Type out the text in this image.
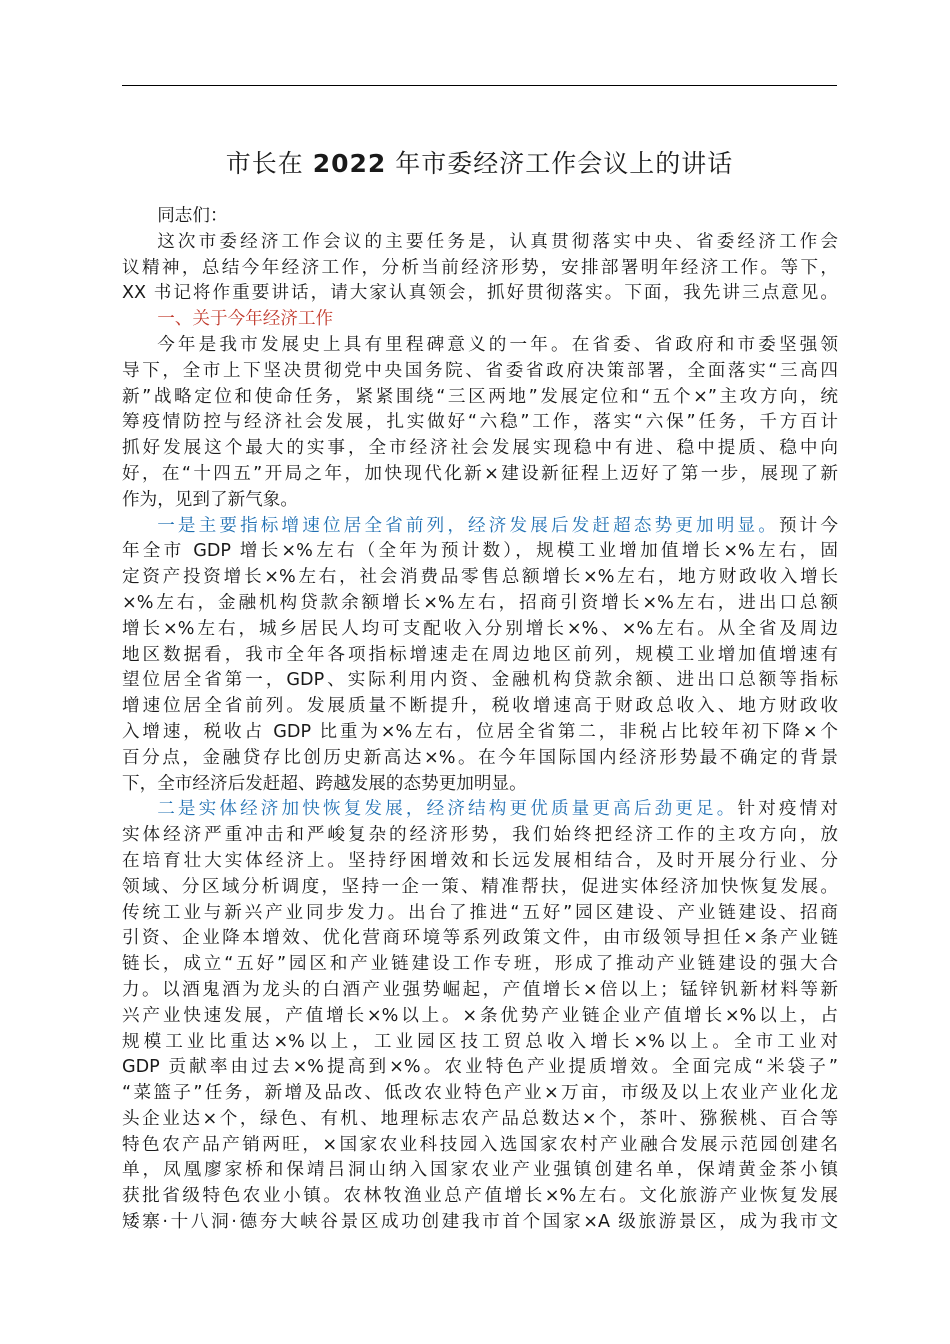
市长在 2022 年市委经济工作会议上的讲话

同志们：

这次市委经济工作会议的主要任务是，认真贯彻落实中央、省委经济工作会

议精神，总结今年经济工作，分析当前经济形势，安排部署明年经济工作。等下，
XX 书记将作重要讲话，请大家认真领会，抓好贯彻落实。下面，我先讲三点意见。

一、关于今年经济工作

今年是我市发展史上具有里程碑意义的一年。在省委、省政府和市委坚强领

导下，全市上下坚决贯彻党中央国务院、省委省政府决策部署，全面落实“三高四
新”战略定位和使命任务，紧紧围绕“三区两地”发展定位和“五个×”主攻方向，统
筹疫情防控与经济社会发展，扎实做好“六稳”工作，落实“六保”任务，千方百计
抓好发展这个最大的实事，全市经济社会发展实现稳中有进、稳中提质、稳中向
好，在“十四五”开局之年，加快现代化新×建设新征程上迈好了第一步，展现了新
作为，见到了新气象。

一是主要指标增速位居全省前列，经济发展后发赶超态势更加明显。预计今

年全市 GDP 增长×%左右（全年为预计数），规模工业增加值增长×%左右，固
定资产投资增长×%左右，社会消费品零售总额增长×%左右，地方财政收入增长
×%左右，金融机构贷款余额增长×%左右，招商引资增长×%左右，进出口总额
增长×%左右，城乡居民人均可支配收入分别增长×%、×%左右。从全省及周边
地区数据看，我市全年各项指标增速走在周边地区前列，规模工业增加值增速有
望位居全省第一，GDP、实际利用内资、金融机构贷款余额、进出口总额等指标
增速位居全省前列。发展质量不断提升，税收增速高于财政总收入、地方财政收
入增速，税收占 GDP 比重为×%左右，位居全省第二，非税占比较年初下降×个
百分点，金融贷存比创历史新高达×%。在今年国际国内经济形势最不确定的背景
下，全市经济后发赶超、跨越发展的态势更加明显。

二是实体经济加快恢复发展，经济结构更优质量更高后劲更足。针对疫情对

实体经济严重冲击和严峻复杂的经济形势，我们始终把经济工作的主攻方向，放
在培育壮大实体经济上。坚持纾困增效和长远发展相结合，及时开展分行业、分
领域、分区域分析调度，坚持一企一策、精准帮扶，促进实体经济加快恢复发展。
传统工业与新兴产业同步发力。出台了推进“五好”园区建设、产业链建设、招商
引资、企业降本增效、优化营商环境等系列政策文件，由市级领导担任×条产业链
链长，成立“五好”园区和产业链建设工作专班，形成了推动产业链建设的强大合
力。以酒鬼酒为龙头的白酒产业强势崛起，产值增长×倍以上；锰锌钒新材料等新
兴产业快速发展，产值增长×%以上。×条优势产业链企业产值增长×%以上，占
规模工业比重达×%以上，工业园区技工贸总收入增长×%以上。全市工业对
GDP 贡献率由过去×%提高到×%。农业特色产业提质增效。全面完成“米袋子”
“菜篮子”任务，新增及品改、低改农业特色产业×万亩，市级及以上农业产业化龙
头企业达×个，绿色、有机、地理标志农产品总数达×个，茶叶、猕猴桃、百合等
特色农产品产销两旺，×国家农业科技园入选国家农村产业融合发展示范园创建名
单，凤凰廖家桥和保靖吕洞山纳入国家农业产业强镇创建名单，保靖黄金茶小镇
获批省级特色农业小镇。农林牧渔业总产值增长×%左右。文化旅游产业恢复发展
矮寨·十八洞·德夯大峡谷景区成功创建我市首个国家×A 级旅游景区，成为我市文
